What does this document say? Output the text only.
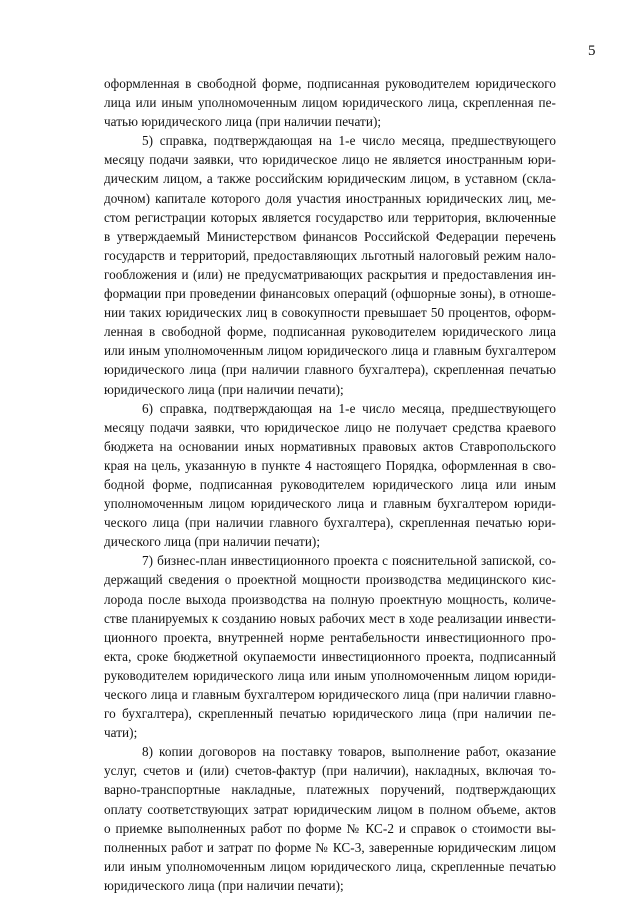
5
оформленная в свободной форме, подписанная руководителем юридического
лица или иным уполномоченным лицом юридического лица, скрепленная пе-
чатью юридического лица (при наличии печати);
5) справка, подтверждающая на 1-е число месяца, предшествующего
месяцу подачи заявки, что юридическое лицо не является иностранным юри-
дическим лицом, а также российским юридическим лицом, в уставном (скла-
дочном) капитале которого доля участия иностранных юридических лиц, ме-
стом регистрации которых является государство или территория, включенные
в утверждаемый Министерством финансов Российской Федерации перечень
государств и территорий, предоставляющих льготный налоговый режим нало-
гообложения и (или) не предусматривающих раскрытия и предоставления ин-
формации при проведении финансовых операций (офшорные зоны), в отноше-
нии таких юридических лиц в совокупности превышает 50 процентов, оформ-
ленная в свободной форме, подписанная руководителем юридического лица
или иным уполномоченным лицом юридического лица и главным бухгалтером
юридического лица (при наличии главного бухгалтера), скрепленная печатью
юридического лица (при наличии печати);
6) справка, подтверждающая на 1-е число месяца, предшествующего
месяцу подачи заявки, что юридическое лицо не получает средства краевого
бюджета на основании иных нормативных правовых актов Ставропольского
края на цель, указанную в пункте 4 настоящего Порядка, оформленная в сво-
бодной форме, подписанная руководителем юридического лица или иным
уполномоченным лицом юридического лица и главным бухгалтером юриди-
ческого лица (при наличии главного бухгалтера), скрепленная печатью юри-
дического лица (при наличии печати);
7) бизнес-план инвестиционного проекта с пояснительной запиской, со-
держащий сведения о проектной мощности производства медицинского кис-
лорода после выхода производства на полную проектную мощность, количе-
стве планируемых к созданию новых рабочих мест в ходе реализации инвести-
ционного проекта, внутренней норме рентабельности инвестиционного про-
екта, сроке бюджетной окупаемости инвестиционного проекта, подписанный
руководителем юридического лица или иным уполномоченным лицом юриди-
ческого лица и главным бухгалтером юридического лица (при наличии главно-
го бухгалтера), скрепленный печатью юридического лица (при наличии пе-
чати);
8) копии договоров на поставку товаров, выполнение работ, оказание
услуг, счетов и (или) счетов-фактур (при наличии), накладных, включая то-
варно-транспортные накладные, платежных поручений, подтверждающих
оплату соответствующих затрат юридическим лицом в полном объеме, актов
о приемке выполненных работ по форме № КС-2 и справок о стоимости вы-
полненных работ и затрат по форме № КС-3, заверенные юридическим лицом
или иным уполномоченным лицом юридического лица, скрепленные печатью
юридического лица (при наличии печати);
